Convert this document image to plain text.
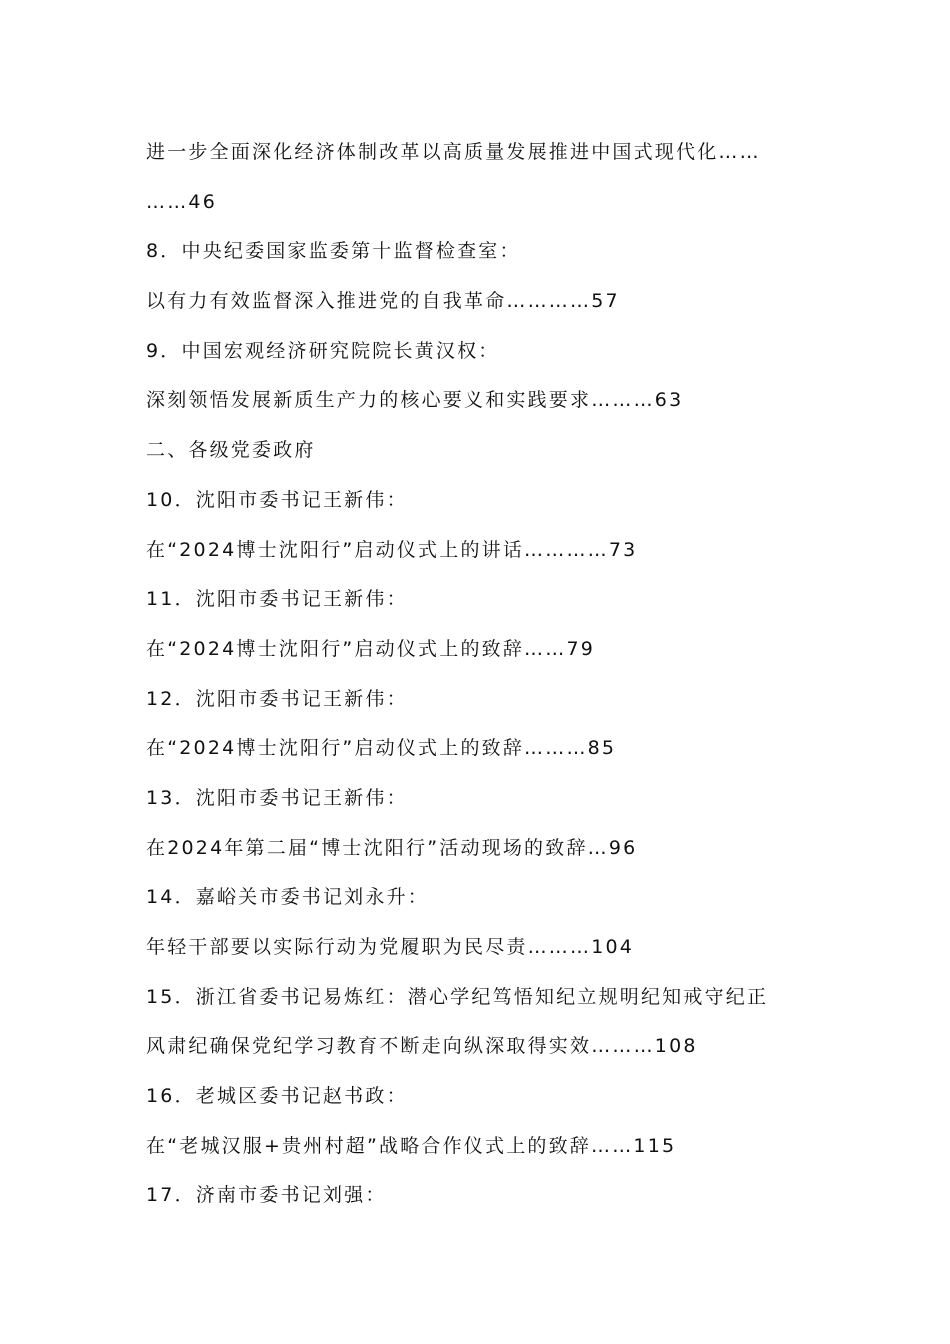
进一步全面深化经济体制改革以高质量发展推进中国式现代化……
……46
8．中央纪委国家监委第十监督检查室：
以有力有效监督深入推进党的自我革命…………57
9．中国宏观经济研究院院长黄汉权：
深刻领悟发展新质生产力的核心要义和实践要求………63
二、各级党委政府
10．沈阳市委书记王新伟：
在“2024博士沈阳行”启动仪式上的讲话…………73
11．沈阳市委书记王新伟：
在“2024博士沈阳行”启动仪式上的致辞……79
12．沈阳市委书记王新伟：
在“2024博士沈阳行”启动仪式上的致辞………85
13．沈阳市委书记王新伟：
在2024年第二届“博士沈阳行”活动现场的致辞…96
14．嘉峪关市委书记刘永升：
年轻干部要以实际行动为党履职为民尽责………104
15．浙江省委书记易炼红：潜心学纪笃悟知纪立规明纪知戒守纪正
风肃纪确保党纪学习教育不断走向纵深取得实效………108
16．老城区委书记赵书政：
在“老城汉服+贵州村超”战略合作仪式上的致辞……115
17．济南市委书记刘强：
